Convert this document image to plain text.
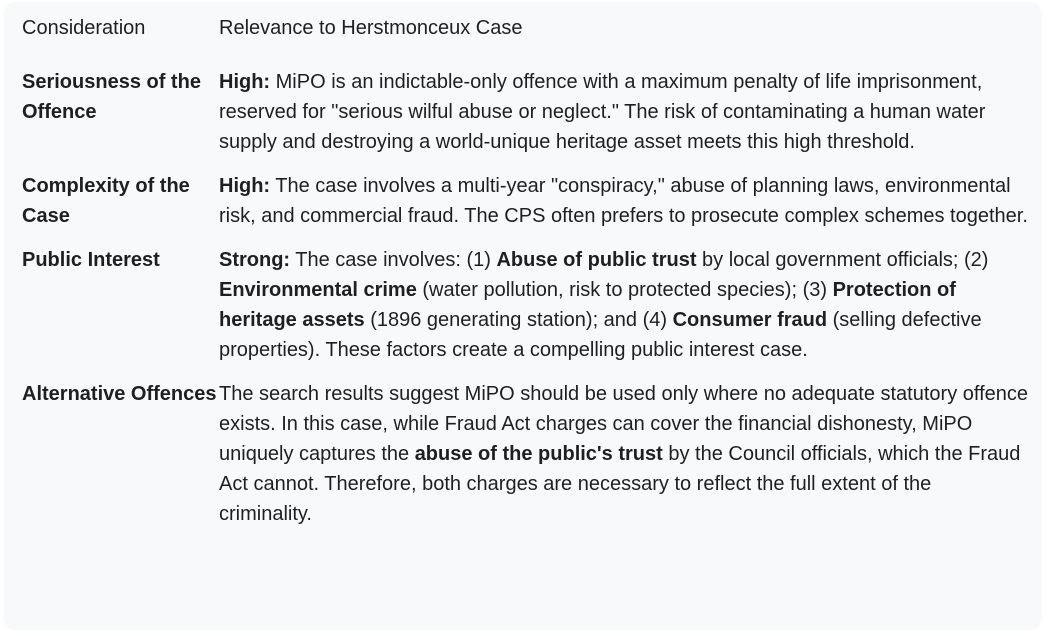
Consideration	Relevance to Herstmonceux Case
Seriousness of the Offence	High: MiPO is an indictable-only offence with a maximum penalty of life imprisonment, reserved for "serious wilful abuse or neglect." The risk of contaminating a human water supply and destroying a world-unique heritage asset meets this high threshold.
Complexity of the Case	High: The case involves a multi-year "conspiracy," abuse of planning laws, environmental risk, and commercial fraud. The CPS often prefers to prosecute complex schemes together.
Public Interest	Strong: The case involves: (1) Abuse of public trust by local government officials; (2) Environmental crime (water pollution, risk to protected species); (3) Protection of heritage assets (1896 generating station); and (4) Consumer fraud (selling defective properties). These factors create a compelling public interest case.
Alternative Offences	The search results suggest MiPO should be used only where no adequate statutory offence exists. In this case, while Fraud Act charges can cover the financial dishonesty, MiPO uniquely captures the abuse of the public's trust by the Council officials, which the Fraud Act cannot. Therefore, both charges are necessary to reflect the full extent of the criminality.
